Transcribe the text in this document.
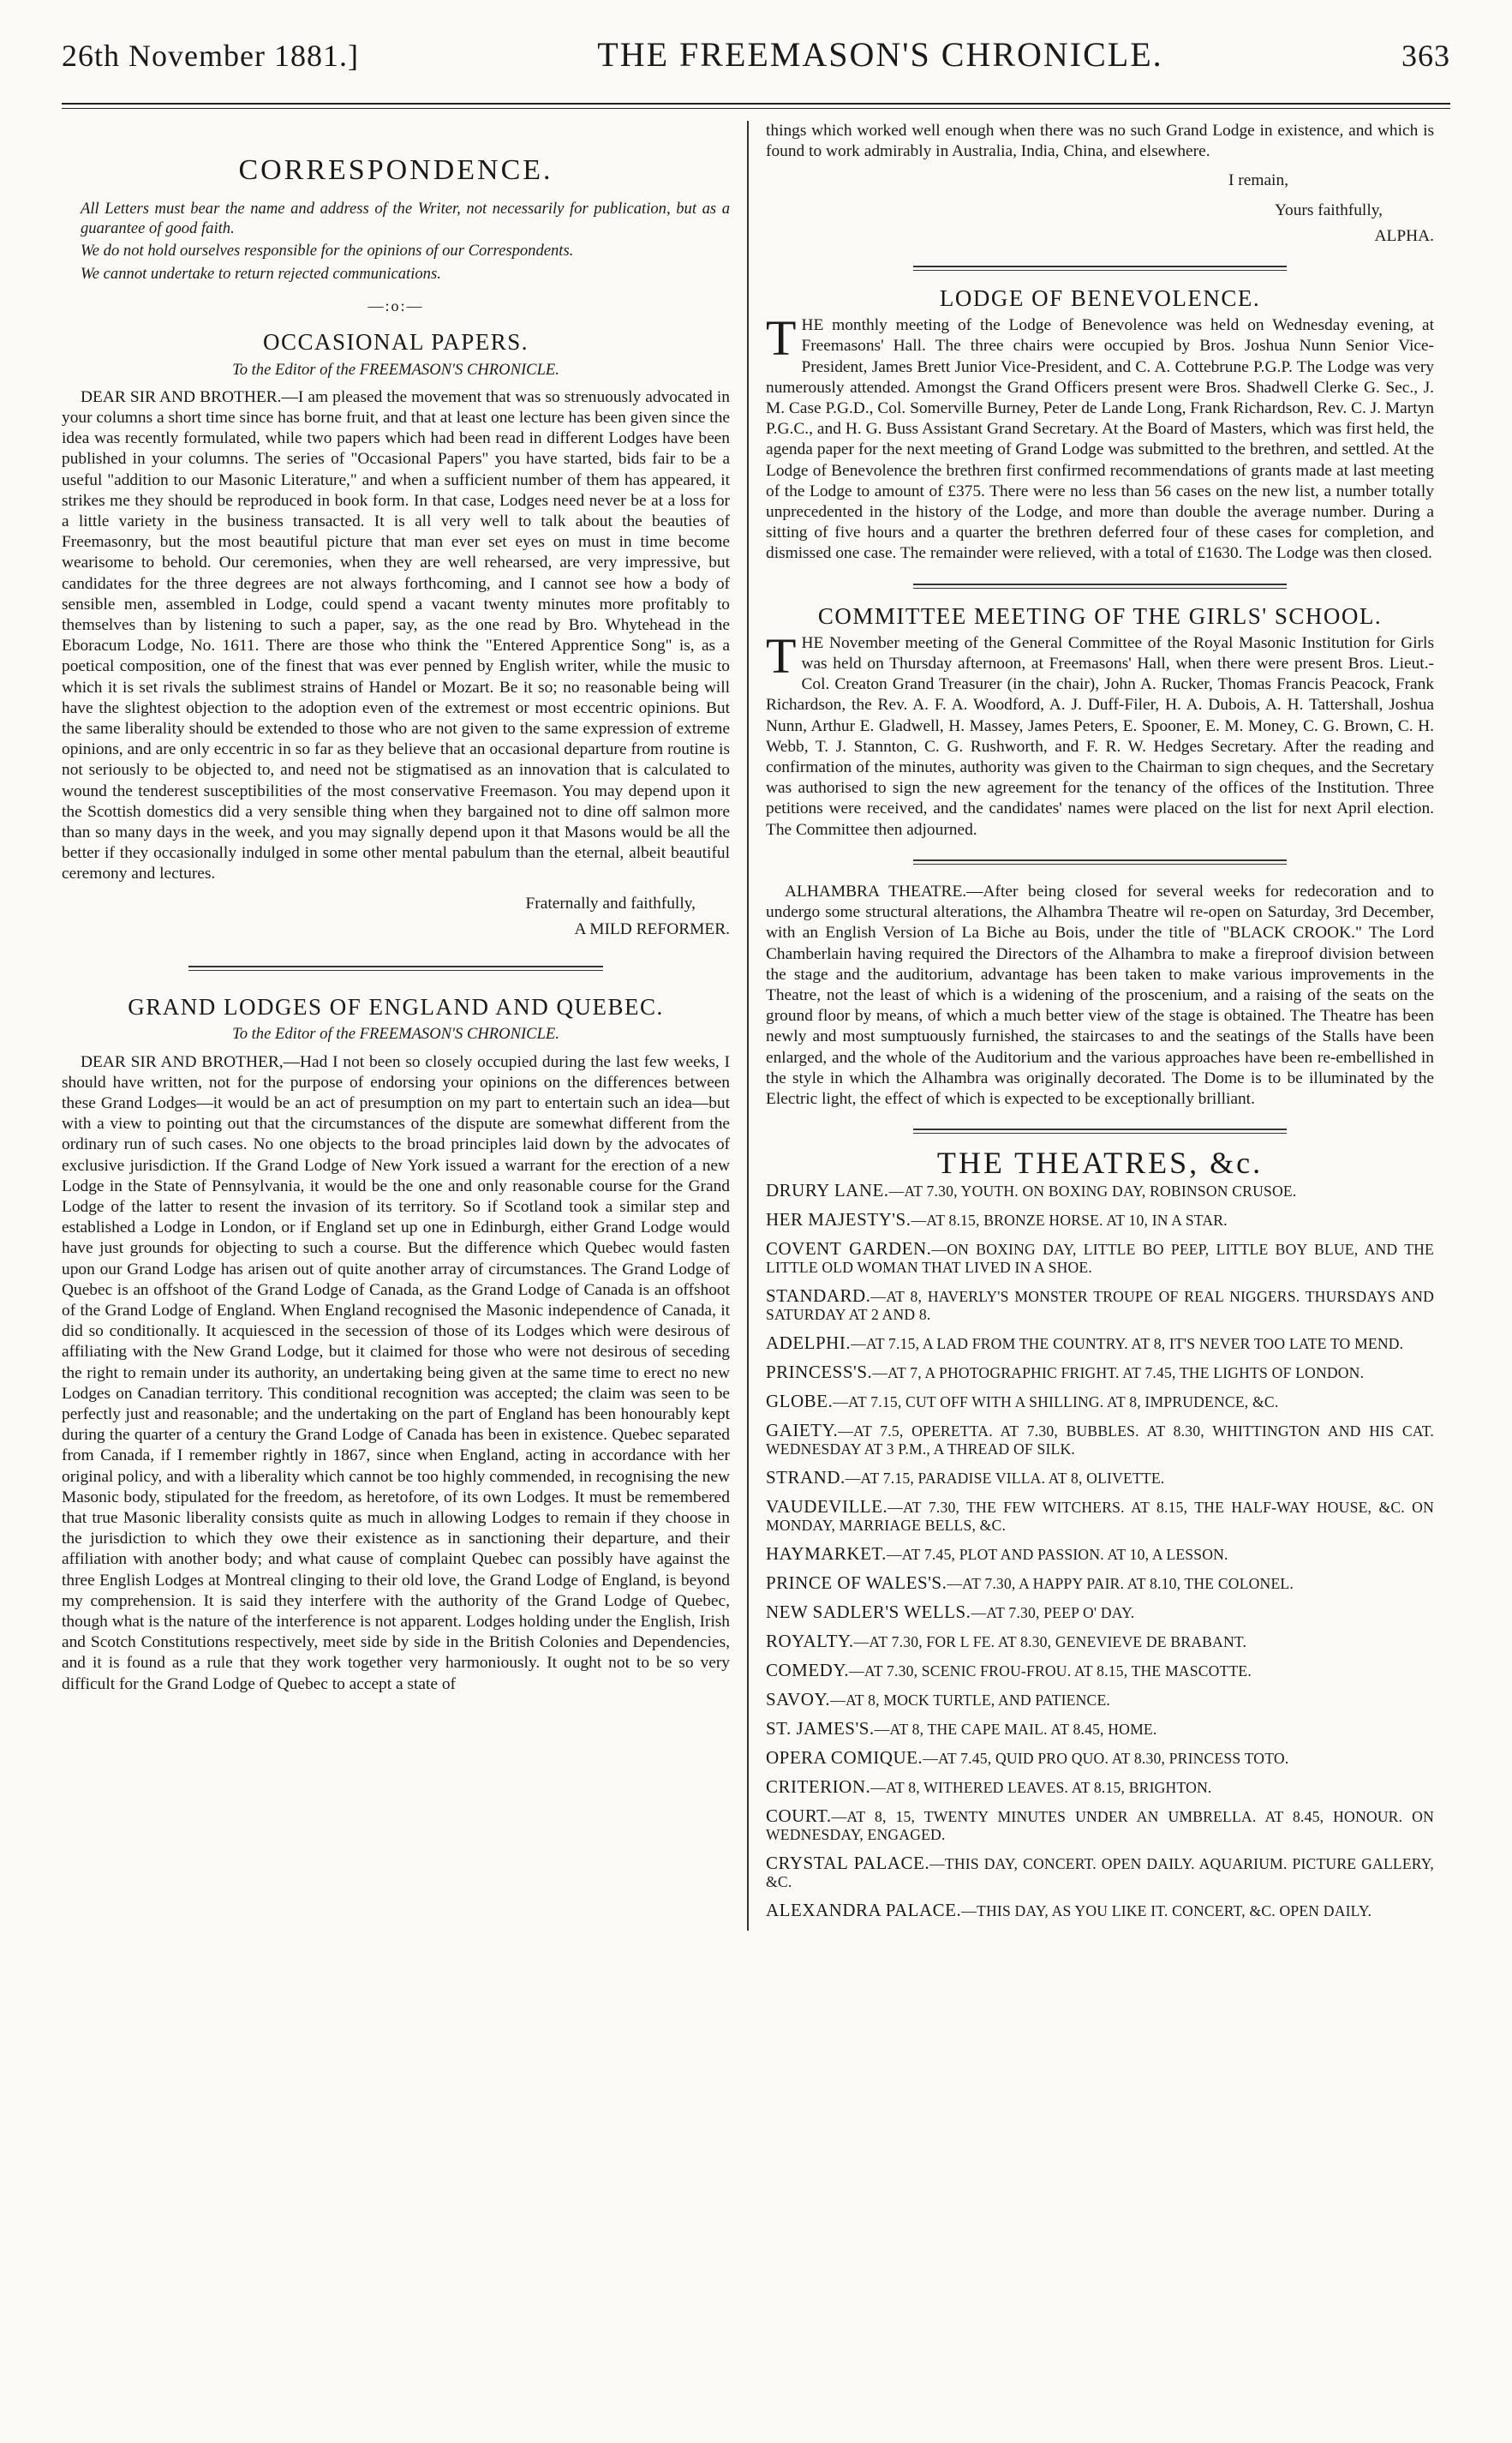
26th November 1881.]	THE FREEMASON'S CHRONICLE.	363
CORRESPONDENCE.

All Letters must bear the name and address of the Writer, not necessarily for publication, but as a guarantee of good faith.

We do not hold ourselves responsible for the opinions of our Correspondents.

We cannot undertake to return rejected communications.

—:o:—
OCCASIONAL PAPERS.
To the Editor of the FREEMASON'S CHRONICLE.

DEAR SIR AND BROTHER.—I am pleased the movement that was so strenuously advocated in your columns a short time since has borne fruit, and that at least one lecture has been given since the idea was recently formulated, while two papers which had been read in different Lodges have been published in your columns. The series of "Occasional Papers" you have started, bids fair to be a useful "addition to our Masonic Literature," and when a sufficient number of them has appeared, it strikes me they should be reproduced in book form. In that case, Lodges need never be at a loss for a little variety in the business transacted. It is all very well to talk about the beauties of Freemasonry, but the most beautiful picture that man ever set eyes on must in time become wearisome to behold. Our ceremonies, when they are well rehearsed, are very impressive, but candidates for the three degrees are not always forthcoming, and I cannot see how a body of sensible men, assembled in Lodge, could spend a vacant twenty minutes more profitably to themselves than by listening to such a paper, say, as the one read by Bro. Whytehead in the Eboracum Lodge, No. 1611. There are those who think the "Entered Apprentice Song" is, as a poetical composition, one of the finest that was ever penned by English writer, while the music to which it is set rivals the sublimest strains of Handel or Mozart. Be it so; no reasonable being will have the slightest objection to the adoption even of the extremest or most eccentric opinions. But the same liberality should be extended to those who are not given to the same expression of extreme opinions, and are only eccentric in so far as they believe that an occasional departure from routine is not seriously to be objected to, and need not be stigmatised as an innovation that is calculated to wound the tenderest susceptibilities of the most conservative Freemason. You may depend upon it the Scottish domestics did a very sensible thing when they bargained not to dine off salmon more than so many days in the week, and you may signally depend upon it that Masons would be all the better if they occasionally indulged in some other mental pabulum than the eternal, albeit beautiful ceremony and lectures.

Fraternally and faithfully,
A MILD REFORMER.
GRAND LODGES OF ENGLAND AND QUEBEC.
To the Editor of the FREEMASON'S CHRONICLE.

DEAR SIR AND BROTHER,—Had I not been so closely occupied during the last few weeks, I should have written, not for the purpose of endorsing your opinions on the differences between these Grand Lodges—it would be an act of presumption on my part to entertain such an idea—but with a view to pointing out that the circumstances of the dispute are somewhat different from the ordinary run of such cases. No one objects to the broad principles laid down by the advocates of exclusive jurisdiction. If the Grand Lodge of New York issued a warrant for the erection of a new Lodge in the State of Pennsylvania, it would be the one and only reasonable course for the Grand Lodge of the latter to resent the invasion of its territory. So if Scotland took a similar step and established a Lodge in London, or if England set up one in Edinburgh, either Grand Lodge would have just grounds for objecting to such a course. But the difference which Quebec would fasten upon our Grand Lodge has arisen out of quite another array of circumstances. The Grand Lodge of Quebec is an offshoot of the Grand Lodge of Canada, as the Grand Lodge of Canada is an offshoot of the Grand Lodge of England. When England recognised the Masonic independence of Canada, it did so conditionally. It acquiesced in the secession of those of its Lodges which were desirous of affiliating with the New Grand Lodge, but it claimed for those who were not desirous of seceding the right to remain under its authority, an undertaking being given at the same time to erect no new Lodges on Canadian territory. This conditional recognition was accepted; the claim was seen to be perfectly just and reasonable; and the undertaking on the part of England has been honourably kept during the quarter of a century the Grand Lodge of Canada has been in existence. Quebec separated from Canada, if I remember rightly in 1867, since when England, acting in accordance with her original policy, and with a liberality which cannot be too highly commended, in recognising the new Masonic body, stipulated for the freedom, as heretofore, of its own Lodges. It must be remembered that true Masonic liberality consists quite as much in allowing Lodges to remain if they choose in the jurisdiction to which they owe their existence as in sanctioning their departure, and their affiliation with another body; and what cause of complaint Quebec can possibly have against the three English Lodges at Montreal clinging to their old love, the Grand Lodge of England, is beyond my comprehension. It is said they interfere with the authority of the Grand Lodge of Quebec, though what is the nature of the interference is not apparent. Lodges holding under the English, Irish and Scotch Constitutions respectively, meet side by side in the British Colonies and Dependencies, and it is found as a rule that they work together very harmoniously. It ought not to be so very difficult for the Grand Lodge of Quebec to accept a state of

things which worked well enough when there was no such Grand Lodge in existence, and which is found to work admirably in Australia, India, China, and elsewhere.

I remain,
Yours faithfully,
ALPHA.
LODGE OF BENEVOLENCE.

THE monthly meeting of the Lodge of Benevolence was held on Wednesday evening, at Freemasons' Hall. The three chairs were occupied by Bros. Joshua Nunn Senior Vice-President, James Brett Junior Vice-President, and C. A. Cottebrune P.G.P. The Lodge was very numerously attended. Amongst the Grand Officers present were Bros. Shadwell Clerke G. Sec., J. M. Case P.G.D., Col. Somerville Burney, Peter de Lande Long, Frank Richardson, Rev. C. J. Martyn P.G.C., and H. G. Buss Assistant Grand Secretary. At the Board of Masters, which was first held, the agenda paper for the next meeting of Grand Lodge was submitted to the brethren, and settled. At the Lodge of Benevolence the brethren first confirmed recommendations of grants made at last meeting of the Lodge to amount of £375. There were no less than 56 cases on the new list, a number totally unprecedented in the history of the Lodge, and more than double the average number. During a sitting of five hours and a quarter the brethren deferred four of these cases for completion, and dismissed one case. The remainder were relieved, with a total of £1630. The Lodge was then closed.

COMMITTEE MEETING OF THE GIRLS' SCHOOL.

THE November meeting of the General Committee of the Royal Masonic Institution for Girls was held on Thursday afternoon, at Freemasons' Hall, when there were present Bros. Lieut.-Col. Creaton Grand Treasurer (in the chair), John A. Rucker, Thomas Francis Peacock, Frank Richardson, the Rev. A. F. A. Woodford, A. J. Duff-Filer, H. A. Dubois, A. H. Tattershall, Joshua Nunn, Arthur E. Gladwell, H. Massey, James Peters, E. Spooner, E. M. Money, C. G. Brown, C. H. Webb, T. J. Stannton, C. G. Rushworth, and F. R. W. Hedges Secretary. After the reading and confirmation of the minutes, authority was given to the Chairman to sign cheques, and the Secretary was authorised to sign the new agreement for the tenancy of the offices of the Institution. Three petitions were received, and the candidates' names were placed on the list for next April election. The Committee then adjourned.

ALHAMBRA THEATRE.—After being closed for several weeks for redecoration and to undergo some structural alterations, the Alhambra Theatre wil re-open on Saturday, 3rd December, with an English Version of La Biche au Bois, under the title of "BLACK CROOK." The Lord Chamberlain having required the Directors of the Alhambra to make a fireproof division between the stage and the auditorium, advantage has been taken to make various improvements in the Theatre, not the least of which is a widening of the proscenium, and a raising of the seats on the ground floor by means, of which a much better view of the stage is obtained. The Theatre has been newly and most sumptuously furnished, the staircases to and the seatings of the Stalls have been enlarged, and the whole of the Auditorium and the various approaches have been re-embellished in the style in which the Alhambra was originally decorated. The Dome is to be illuminated by the Electric light, the effect of which is expected to be exceptionally brilliant.

THE THEATRES, &c.
DRURY LANE.—AT 7.30, YOUTH. ON BOXING DAY, ROBINSON CRUSOE.
HER MAJESTY'S.—AT 8.15, BRONZE HORSE. AT 10, IN A STAR.
COVENT GARDEN.—ON BOXING DAY, LITTLE BO PEEP, LITTLE BOY BLUE, AND THE LITTLE OLD WOMAN THAT LIVED IN A SHOE.
STANDARD.—AT 8, HAVERLY'S MONSTER TROUPE OF REAL NIGGERS. THURSDAYS AND SATURDAY AT 2 AND 8.
ADELPHI.—AT 7.15, A LAD FROM THE COUNTRY. AT 8, IT'S NEVER TOO LATE TO MEND.
PRINCESS'S.—AT 7, A PHOTOGRAPHIC FRIGHT. AT 7.45, THE LIGHTS OF LONDON.
GLOBE.—AT 7.15, CUT OFF WITH A SHILLING. AT 8, IMPRUDENCE, &C.
GAIETY.—AT 7.5, OPERETTA. AT 7.30, BUBBLES. AT 8.30, WHITTINGTON AND HIS CAT. WEDNESDAY AT 3 P.M., A THREAD OF SILK.
STRAND.—AT 7.15, PARADISE VILLA. AT 8, OLIVETTE.
VAUDEVILLE.—AT 7.30, THE FEW WITCHERS. AT 8.15, THE HALF-WAY HOUSE, &C. ON MONDAY, MARRIAGE BELLS, &C.
HAYMARKET.—AT 7.45, PLOT AND PASSION. AT 10, A LESSON.
PRINCE OF WALES'S.—AT 7.30, A HAPPY PAIR. AT 8.10, THE COLONEL.
NEW SADLER'S WELLS.—AT 7.30, PEEP O' DAY.
ROYALTY.—AT 7.30, FOR L FE. AT 8.30, GENEVIEVE DE BRABANT.
COMEDY.—AT 7.30, SCENIC FROU-FROU. AT 8.15, THE MASCOTTE.
SAVOY.—AT 8, MOCK TURTLE, AND PATIENCE.
ST. JAMES'S.—AT 8, THE CAPE MAIL. AT 8.45, HOME.
OPERA COMIQUE.—AT 7.45, QUID PRO QUO. AT 8.30, PRINCESS TOTO.
CRITERION.—AT 8, WITHERED LEAVES. AT 8.15, BRIGHTON.
COURT.—AT 8, 15, TWENTY MINUTES UNDER AN UMBRELLA. AT 8.45, HONOUR. ON WEDNESDAY, ENGAGED.
CRYSTAL PALACE.—THIS DAY, CONCERT. OPEN DAILY. AQUARIUM. PICTURE GALLERY, &C.
ALEXANDRA PALACE.—THIS DAY, AS YOU LIKE IT. CONCERT, &C. OPEN DAILY.
